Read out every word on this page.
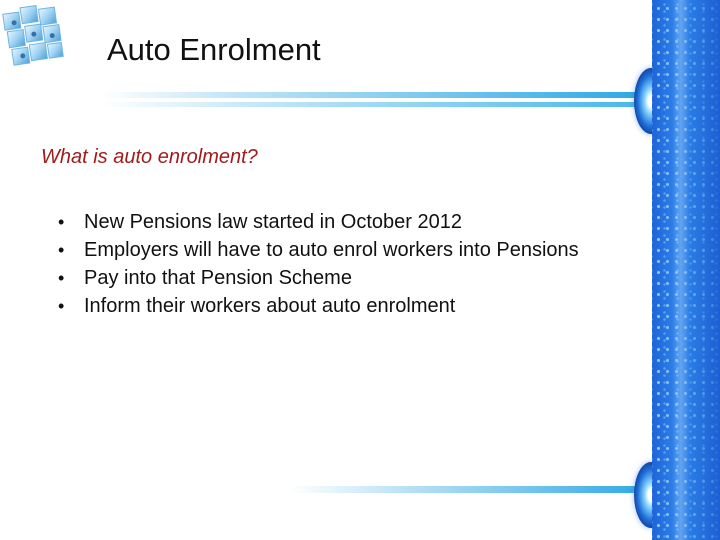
Auto Enrolment
What is auto enrolment?
• New Pensions law started in October 2012
• Employers will have to auto enrol workers into Pensions
• Pay into that Pension Scheme
• Inform their workers about auto enrolment
